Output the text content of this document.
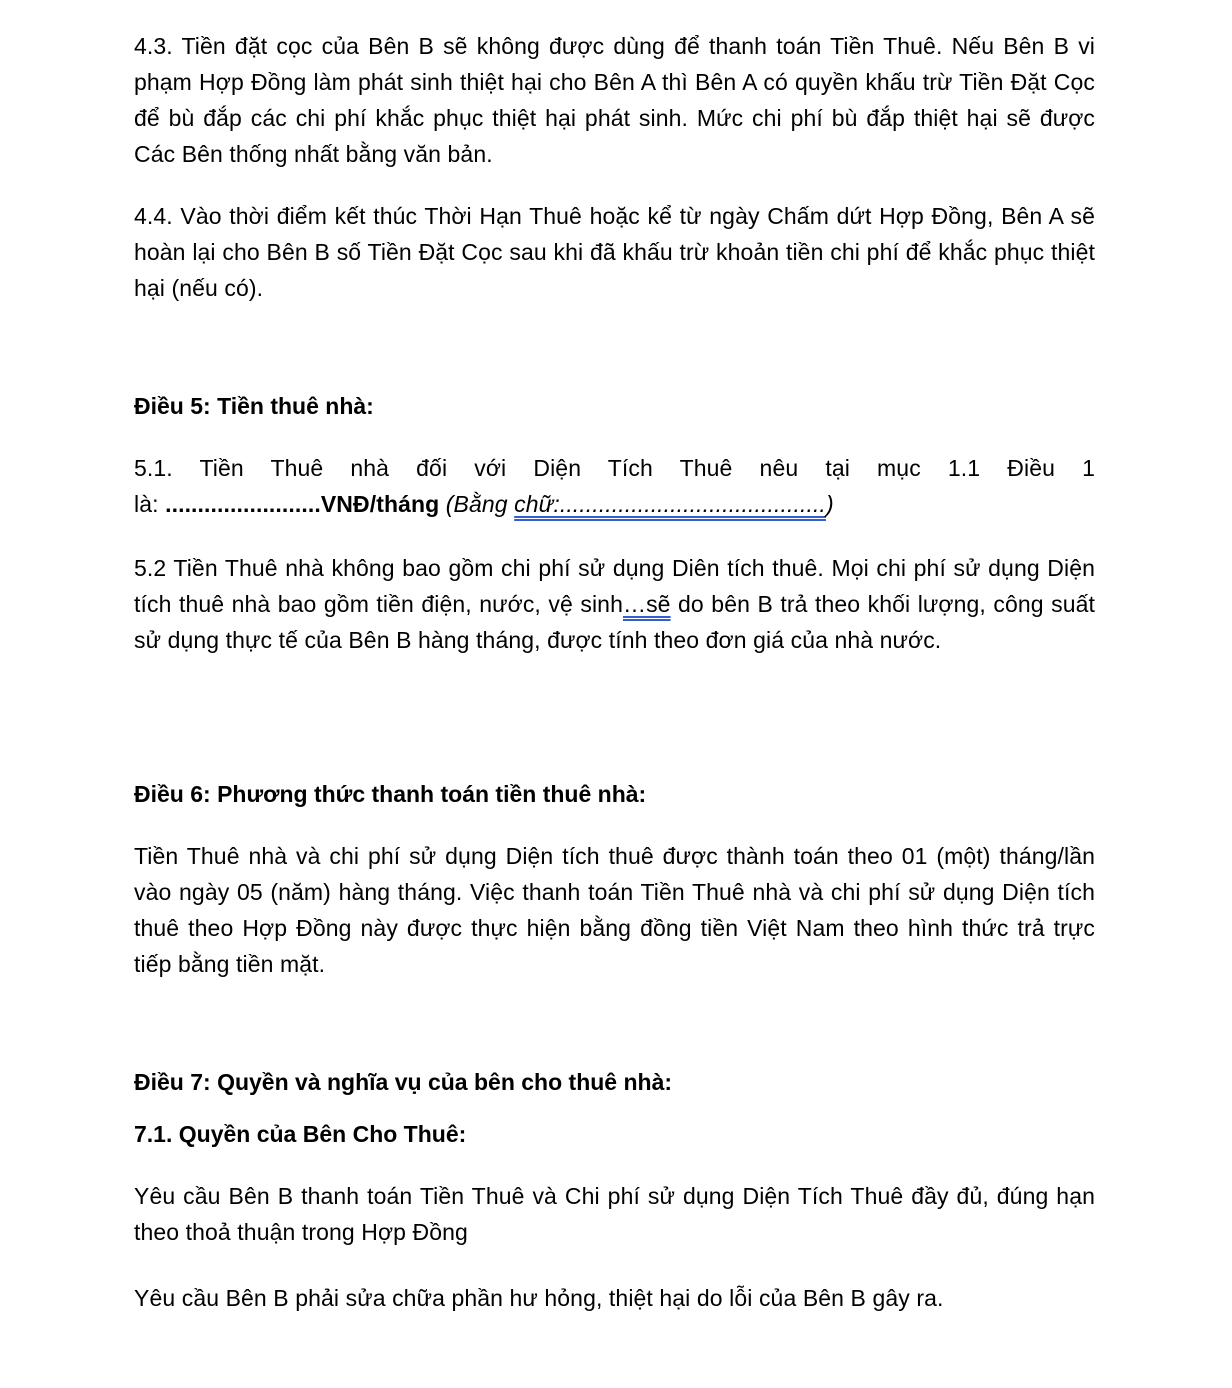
4.3. Tiền đặt cọc của Bên B sẽ không được dùng để thanh toán Tiền Thuê. Nếu Bên B vi phạm Hợp Đồng làm phát sinh thiệt hại cho Bên A thì Bên A có quyền khấu trừ Tiền Đặt Cọc để bù đắp các chi phí khắc phục thiệt hại phát sinh. Mức chi phí bù đắp thiệt hại sẽ được Các Bên thống nhất bằng văn bản.

4.4. Vào thời điểm kết thúc Thời Hạn Thuê hoặc kể từ ngày Chấm dứt Hợp Đồng, Bên A sẽ hoàn lại cho Bên B số Tiền Đặt Cọc sau khi đã khấu trừ khoản tiền chi phí để khắc phục thiệt hại (nếu có).

Điều 5: Tiền thuê nhà:

5.1. Tiền Thuê nhà đối với Diện Tích Thuê nêu tại mục 1.1 Điều 1

là: ........................VNĐ/tháng (Bằng chữ:.........................................)

5.2 Tiền Thuê nhà không bao gồm chi phí sử dụng Diên tích thuê. Mọi chi phí sử dụng Diện tích thuê nhà bao gồm tiền điện, nước, vệ sinh…sẽ do bên B trả theo khối lượng, công suất sử dụng thực tế của Bên B hàng tháng, được tính theo đơn giá của nhà nước.

Điều 6: Phương thức thanh toán tiền thuê nhà:

Tiền Thuê nhà và chi phí sử dụng Diện tích thuê được thành toán theo 01 (một) tháng/lần vào ngày 05 (năm) hàng tháng. Việc thanh toán Tiền Thuê nhà và chi phí sử dụng Diện tích thuê theo Hợp Đồng này được thực hiện bằng đồng tiền Việt Nam theo hình thức trả trực tiếp bằng tiền mặt.

Điều 7: Quyền và nghĩa vụ của bên cho thuê nhà:

7.1. Quyền của Bên Cho Thuê:

Yêu cầu Bên B thanh toán Tiền Thuê và Chi phí sử dụng Diện Tích Thuê đầy đủ, đúng hạn theo thoả thuận trong Hợp Đồng

Yêu cầu Bên B phải sửa chữa phần hư hỏng, thiệt hại do lỗi của Bên B gây ra.
